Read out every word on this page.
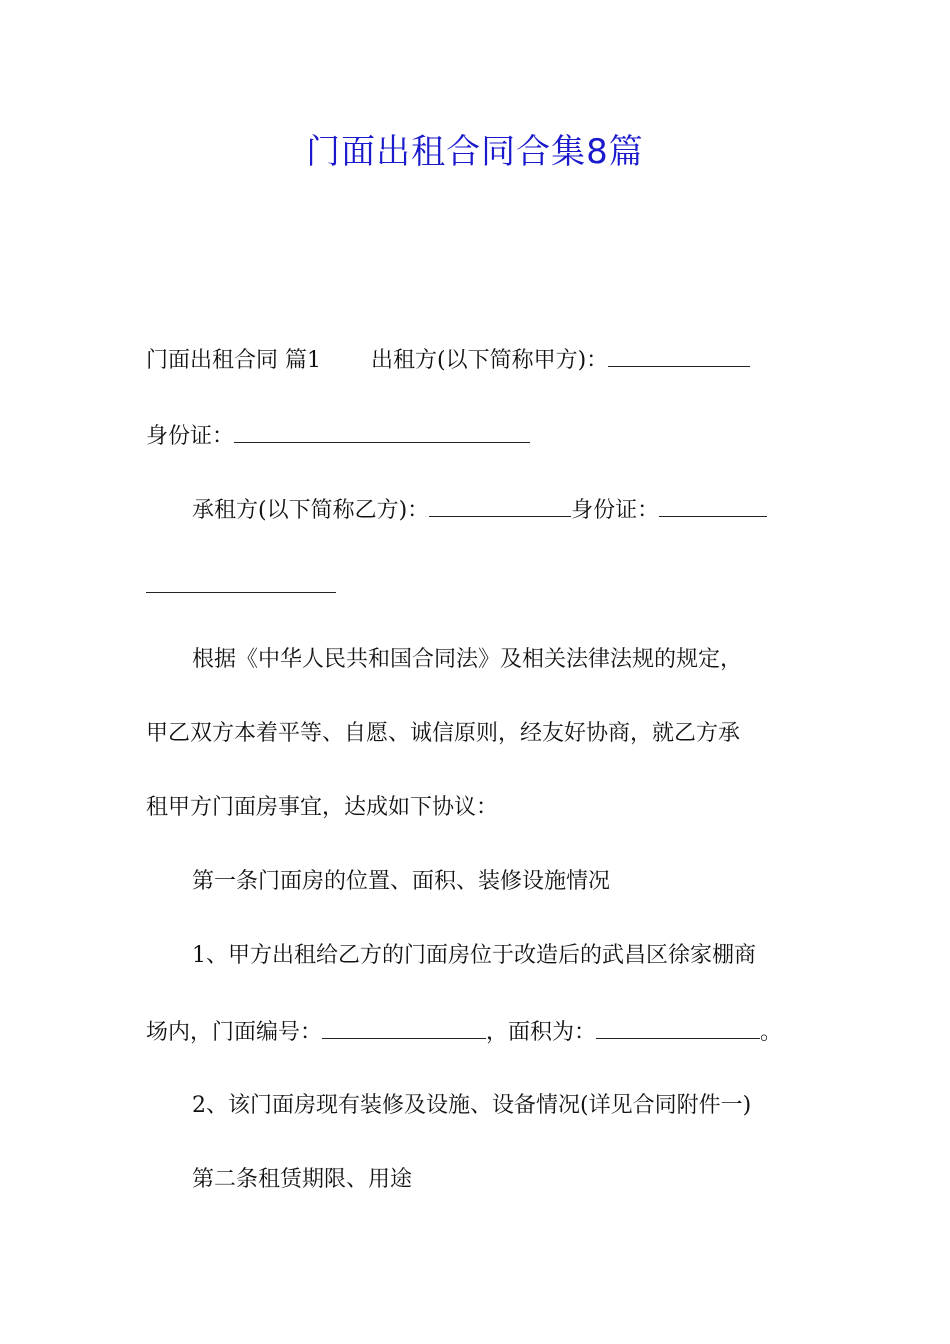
门面出租合同合集8篇
门面出租合同 篇1 出租方(以下简称甲方)：
身份证：
承租方(以下简称乙方)：	身份证：
根据《中华人民共和国合同法》及相关法律法规的规定，
甲乙双方本着平等、自愿、诚信原则，经友好协商，就乙方承
租甲方门面房事宜，达成如下协议：
第一条门面房的位置、面积、装修设施情况
1、甲方出租给乙方的门面房位于改造后的武昌区徐家棚商
场内，门面编号：	，面积为：	。
2、该门面房现有装修及设施、设备情况(详见合同附件一)
第二条租赁期限、用途
